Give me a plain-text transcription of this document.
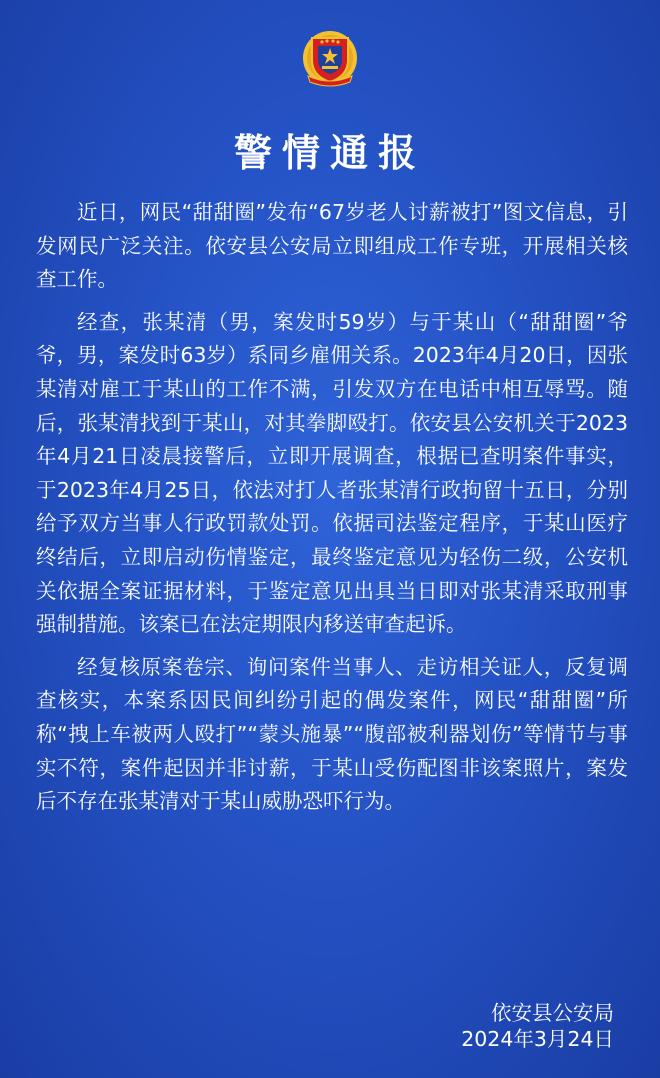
警情通报

近日，网民“甜甜圈”发布“67岁老人讨薪被打”图文信息，引发网民广泛关注。依安县公安局立即组成工作专班，开展相关核查工作。

经查，张某清（男，案发时59岁）与于某山（“甜甜圈”爷爷，男，案发时63岁）系同乡雇佣关系。2023年4月20日，因张某清对雇工于某山的工作不满，引发双方在电话中相互辱骂。随后，张某清找到于某山，对其拳脚殴打。依安县公安机关于2023年4月21日凌晨接警后，立即开展调查，根据已查明案件事实，于2023年4月25日，依法对打人者张某清行政拘留十五日，分别给予双方当事人行政罚款处罚。依据司法鉴定程序，于某山医疗终结后，立即启动伤情鉴定，最终鉴定意见为轻伤二级，公安机关依据全案证据材料，于鉴定意见出具当日即对张某清采取刑事强制措施。该案已在法定期限内移送审查起诉。

经复核原案卷宗、询问案件当事人、走访相关证人，反复调查核实，本案系因民间纠纷引起的偶发案件，网民“甜甜圈”所称“拽上车被两人殴打”“蒙头施暴”“腹部被利器划伤”等情节与事实不符，案件起因并非讨薪，于某山受伤配图非该案照片，案发后不存在张某清对于某山威胁恐吓行为。

依安县公安局
2024年3月24日
